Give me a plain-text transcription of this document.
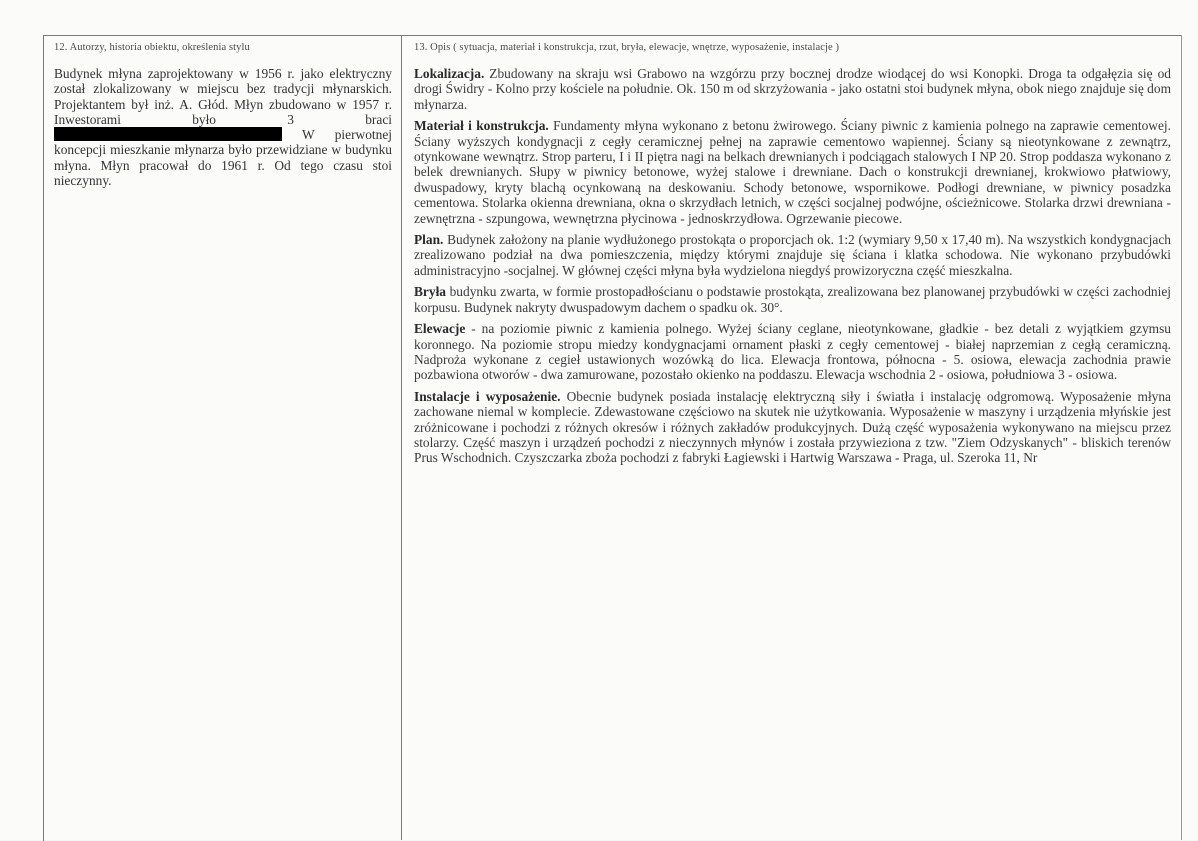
12. Autorzy, historia obiektu, określenia stylu
Budynek młyna zaprojektowany w 1956 r. jako elektryczny został zlokalizowany w miejscu bez tradycji młynarskich. Projektantem był inż. A. Głód. Młyn zbudowano w 1957 r. Inwestorami było 3 braci  W pierwotnej koncepcji mieszkanie młynarza było przewidziane w budynku młyna. Młyn pracował do 1961 r. Od tego czasu stoi nieczynny.
13. Opis ( sytuacja, materiał i konstrukcja, rzut, bryła, elewacje, wnętrze, wyposażenie, instalacje )

Lokalizacja. Zbudowany na skraju wsi Grabowo na wzgórzu przy bocznej drodze wiodącej do wsi Konopki. Droga ta odgałęzia się od drogi Świdry - Kolno przy kościele na południe. Ok. 150 m od skrzyżowania - jako ostatni stoi budynek młyna, obok niego znajduje się dom młynarza.

Materiał i konstrukcja. Fundamenty młyna wykonano z betonu żwirowego. Ściany piwnic z kamienia polnego na zaprawie cementowej. Ściany wyższych kondygnacji z cegły ceramicznej pełnej na zaprawie cementowo wapiennej. Ściany są nieotynkowane z zewnątrz, otynkowane wewnątrz. Strop parteru, I i II piętra nagi na belkach drewnianych i podciągach stalowych I NP 20. Strop poddasza wykonano z belek drewnianych. Słupy w piwnicy betonowe, wyżej stalowe i drewniane. Dach o konstrukcji drewnianej, krokwiowo płatwiowy, dwuspadowy, kryty blachą ocynkowaną na deskowaniu. Schody betonowe, wspornikowe. Podłogi drewniane, w piwnicy posadzka cementowa. Stolarka okienna drewniana, okna o skrzydłach letnich, w części socjalnej podwójne, ościeżnicowe. Stolarka drzwi drewniana - zewnętrzna - szpungowa, wewnętrzna płycinowa - jednoskrzydłowa. Ogrzewanie piecowe.

Plan. Budynek założony na planie wydłużonego prostokąta o proporcjach ok. 1:2 (wymiary 9,50 x 17,40 m). Na wszystkich kondygnacjach zrealizowano podział na dwa pomieszczenia, między którymi znajduje się ściana i klatka schodowa. Nie wykonano przybudówki administracyjno -socjalnej. W głównej części młyna była wydzielona niegdyś prowizoryczna część mieszkalna.

Bryła budynku zwarta, w formie prostopadłościanu o podstawie prostokąta, zrealizowana bez planowanej przybudówki w części zachodniej korpusu. Budynek nakryty dwuspadowym dachem o spadku ok. 30°.

Elewacje - na poziomie piwnic z kamienia polnego. Wyżej ściany ceglane, nieotynkowane, gładkie - bez detali z wyjątkiem gzymsu koronnego. Na poziomie stropu miedzy kondygnacjami ornament płaski z cegły cementowej - białej naprzemian z cegłą ceramiczną. Nadproża wykonane z cegieł ustawionych wozówką do lica. Elewacja frontowa, północna - 5. osiowa, elewacja zachodnia prawie pozbawiona otworów - dwa zamurowane, pozostało okienko na poddaszu. Elewacja wschodnia 2 - osiowa, południowa 3 - osiowa.

Instalacje i wyposażenie. Obecnie budynek posiada instalację elektryczną siły i światła i instalację odgromową. Wyposażenie młyna zachowane niemal w komplecie. Zdewastowane częściowo na skutek nie użytkowania. Wyposażenie w maszyny i urządzenia młyńskie jest zróżnicowane i pochodzi z różnych okresów i różnych zakładów produkcyjnych. Dużą część wyposażenia wykonywano na miejscu przez stolarzy. Część maszyn i urządzeń pochodzi z nieczynnych młynów i została przywieziona z tzw. "Ziem Odzyskanych" - bliskich terenów Prus Wschodnich. Czyszczarka zboża pochodzi z fabryki Łagiewski i Hartwig Warszawa - Praga, ul. Szeroka 11, Nr
